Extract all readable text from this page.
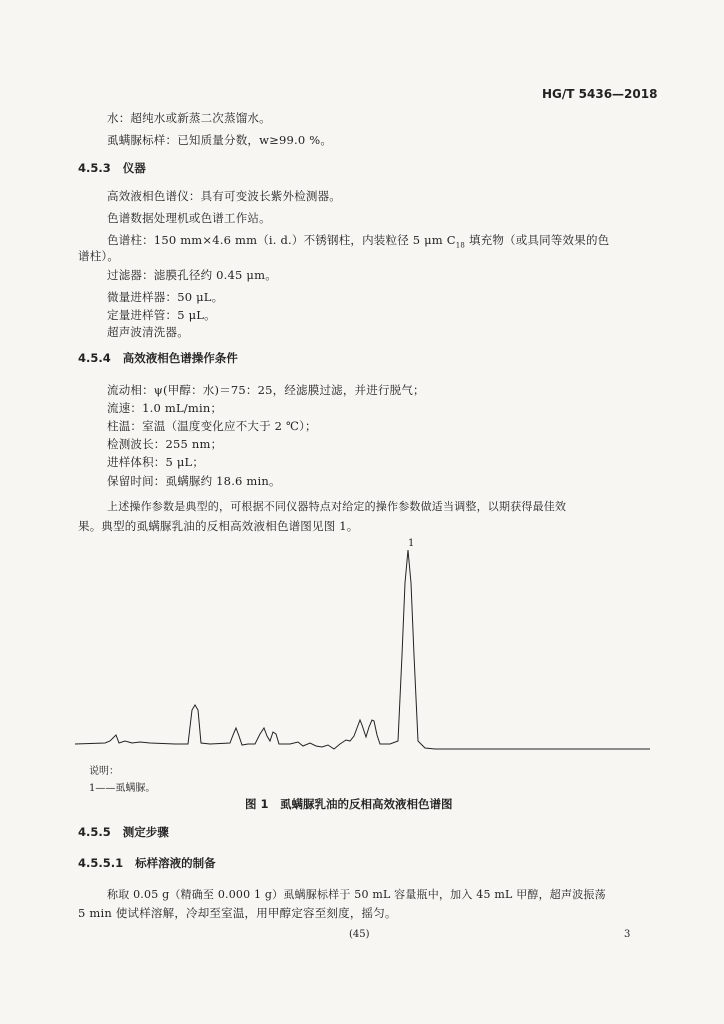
HG/T 5436—2018
水：超纯水或新蒸二次蒸馏水。
虱螨脲标样：已知质量分数，w≥99.0 %。
4.5.3 仪器
高效液相色谱仪：具有可变波长紫外检测器。
色谱数据处理机或色谱工作站。
色谱柱：150 mm×4.6 mm（i. d.）不锈钢柱，内装粒径 5 μm $C_{18}$ 填充物（或具同等效果的色
谱柱）。
过滤器：滤膜孔径约 0.45 μm。
微量进样器：50 μL。
定量进样管：5 μL。
超声波清洗器。
4.5.4 高效液相色谱操作条件
流动相：ψ(甲醇：水)＝75：25，经滤膜过滤，并进行脱气；
流速：1.0 mL/min；
柱温：室温（温度变化应不大于 2 ℃）；
检测波长：255 nm；
进样体积：5 μL；
保留时间：虱螨脲约 18.6 min。
上述操作参数是典型的，可根据不同仪器特点对给定的操作参数做适当调整，以期获得最佳效
果。典型的虱螨脲乳油的反相高效液相色谱图见图 1。
1
说明：
1——虱螨脲。
图 1　虱螨脲乳油的反相高效液相色谱图
4.5.5 测定步骤
4.5.5.1 标样溶液的制备
称取 0.05 g（精确至 0.000 1 g）虱螨脲标样于 50 mL 容量瓶中，加入 45 mL 甲醇，超声波振荡
5 min 使试样溶解，冷却至室温，用甲醇定容至刻度，摇匀。
(45)	3
